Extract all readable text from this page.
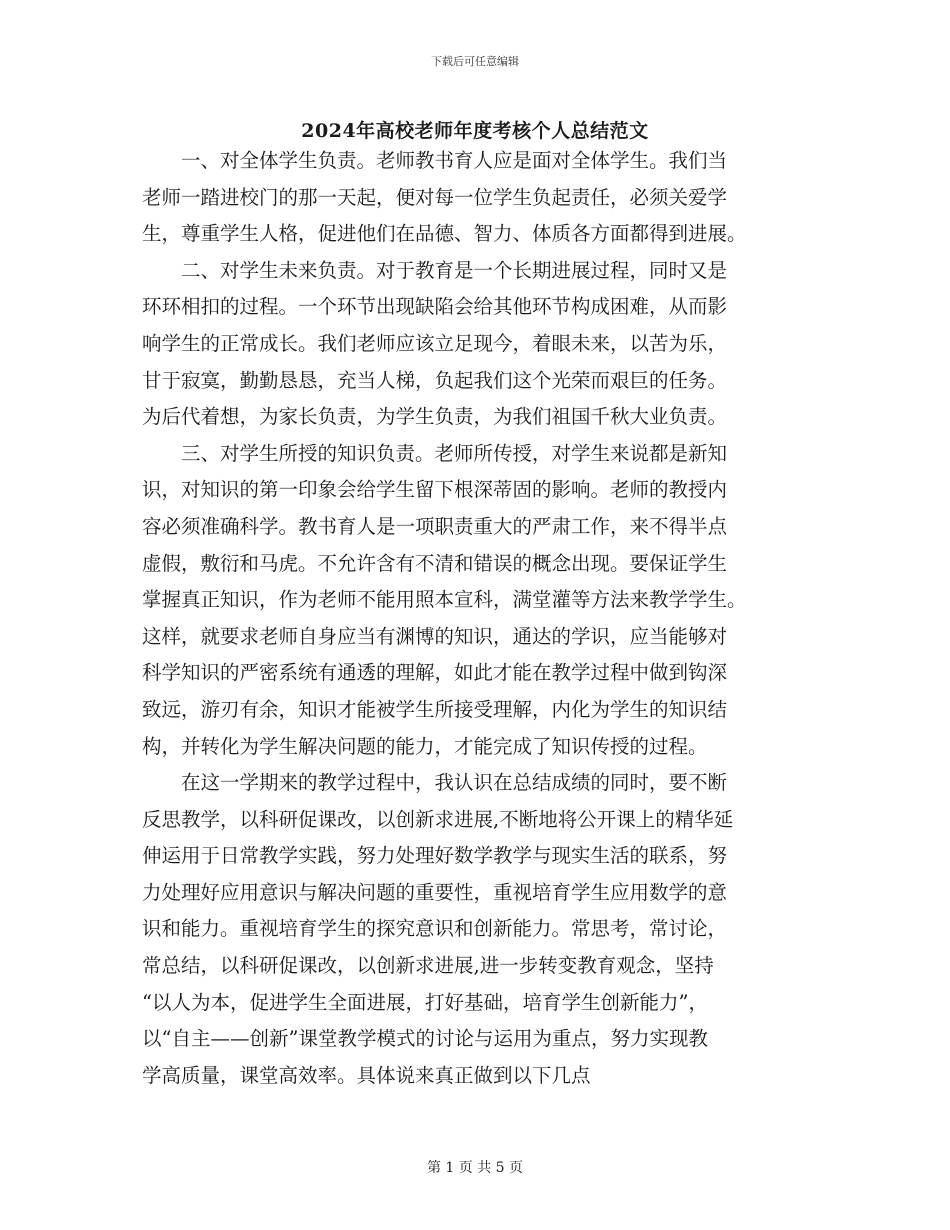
下载后可任意编辑
2024年高校老师年度考核个人总结范文
　　一、对全体学生负责。老师教书育人应是面对全体学生。我们当
老师一踏进校门的那一天起，便对每一位学生负起责任，必须关爱学
生，尊重学生人格，促进他们在品德、智力、体质各方面都得到进展。
　　二、对学生未来负责。对于教育是一个长期进展过程，同时又是
环环相扣的过程。一个环节出现缺陷会给其他环节构成困难，从而影
响学生的正常成长。我们老师应该立足现今，着眼未来，以苦为乐，
甘于寂寞，勤勤恳恳，充当人梯，负起我们这个光荣而艰巨的任务。
为后代着想，为家长负责，为学生负责，为我们祖国千秋大业负责。
　　三、对学生所授的知识负责。老师所传授，对学生来说都是新知
识，对知识的第一印象会给学生留下根深蒂固的影响。老师的教授内
容必须准确科学。教书育人是一项职责重大的严肃工作，来不得半点
虚假，敷衍和马虎。不允许含有不清和错误的概念出现。要保证学生
掌握真正知识，作为老师不能用照本宣科，满堂灌等方法来教学学生。
这样，就要求老师自身应当有渊博的知识，通达的学识，应当能够对
科学知识的严密系统有通透的理解，如此才能在教学过程中做到钩深
致远，游刃有余，知识才能被学生所接受理解，内化为学生的知识结
构，并转化为学生解决问题的能力，才能完成了知识传授的过程。
　　在这一学期来的教学过程中，我认识在总结成绩的同时，要不断
反思教学，以科研促课改，以创新求进展,不断地将公开课上的精华延
伸运用于日常教学实践，努力处理好数学教学与现实生活的联系，努
力处理好应用意识与解决问题的重要性，重视培育学生应用数学的意
识和能力。重视培育学生的探究意识和创新能力。常思考，常讨论，
常总结，以科研促课改，以创新求进展,进一步转变教育观念，坚持
“以人为本，促进学生全面进展，打好基础，培育学生创新能力”，
以“自主——创新”课堂教学模式的讨论与运用为重点，努力实现教
学高质量，课堂高效率。具体说来真正做到以下几点
第 1 页 共 5 页
